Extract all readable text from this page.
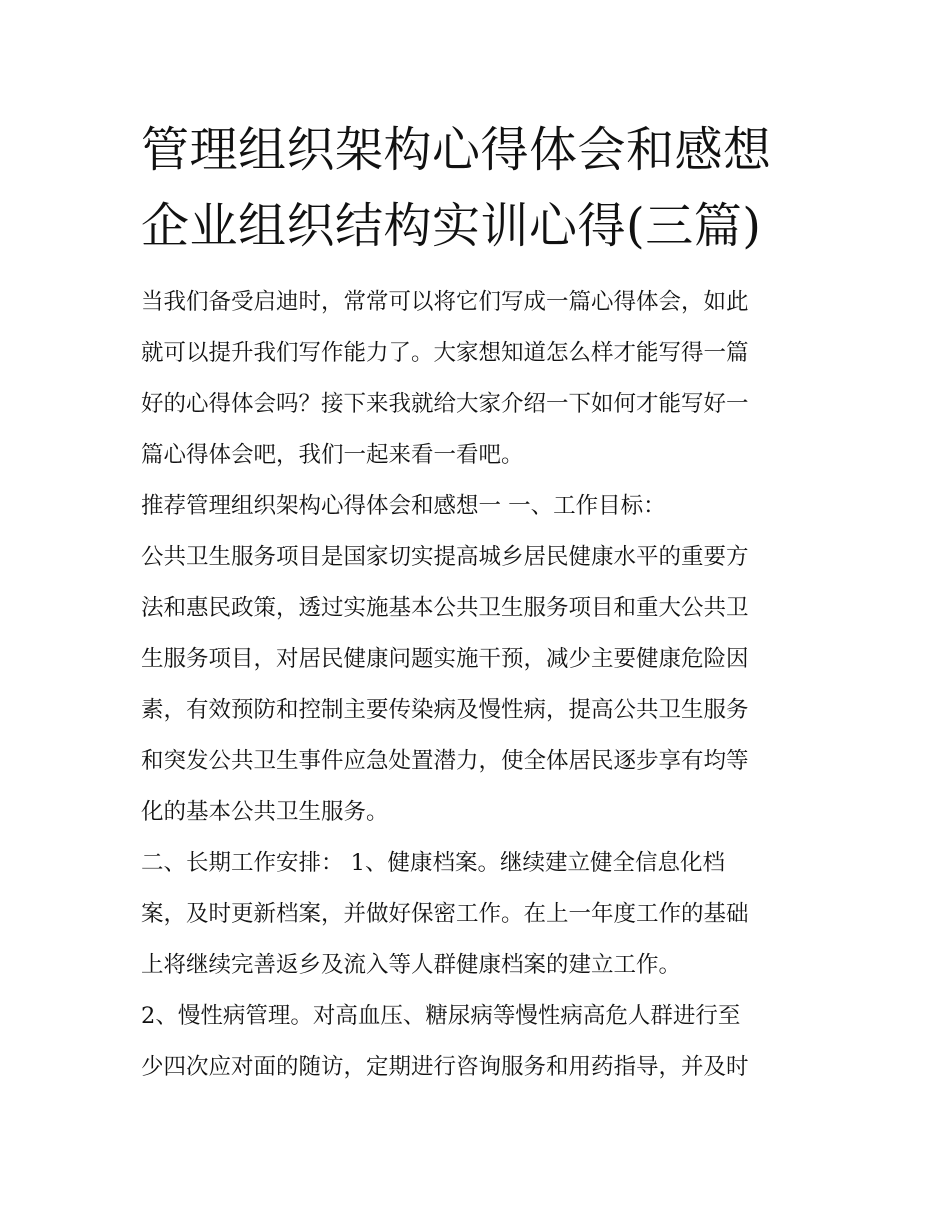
管理组织架构心得体会和感想
企业组织结构实训心得(三篇)

当我们备受启迪时，常常可以将它们写成一篇心得体会，如此
就可以提升我们写作能力了。大家想知道怎么样才能写得一篇
好的心得体会吗？接下来我就给大家介绍一下如何才能写好一
篇心得体会吧，我们一起来看一看吧。

推荐管理组织架构心得体会和感想一 一、工作目标：

公共卫生服务项目是国家切实提高城乡居民健康水平的重要方
法和惠民政策，透过实施基本公共卫生服务项目和重大公共卫
生服务项目，对居民健康问题实施干预，减少主要健康危险因
素，有效预防和控制主要传染病及慢性病，提高公共卫生服务
和突发公共卫生事件应急处置潜力，使全体居民逐步享有均等
化的基本公共卫生服务。

二、长期工作安排： 1、健康档案。继续建立健全信息化档
案，及时更新档案，并做好保密工作。在上一年度工作的基础
上将继续完善返乡及流入等人群健康档案的建立工作。

2、慢性病管理。对高血压、糖尿病等慢性病高危人群进行至
少四次应对面的随访，定期进行咨询服务和用药指导，并及时
